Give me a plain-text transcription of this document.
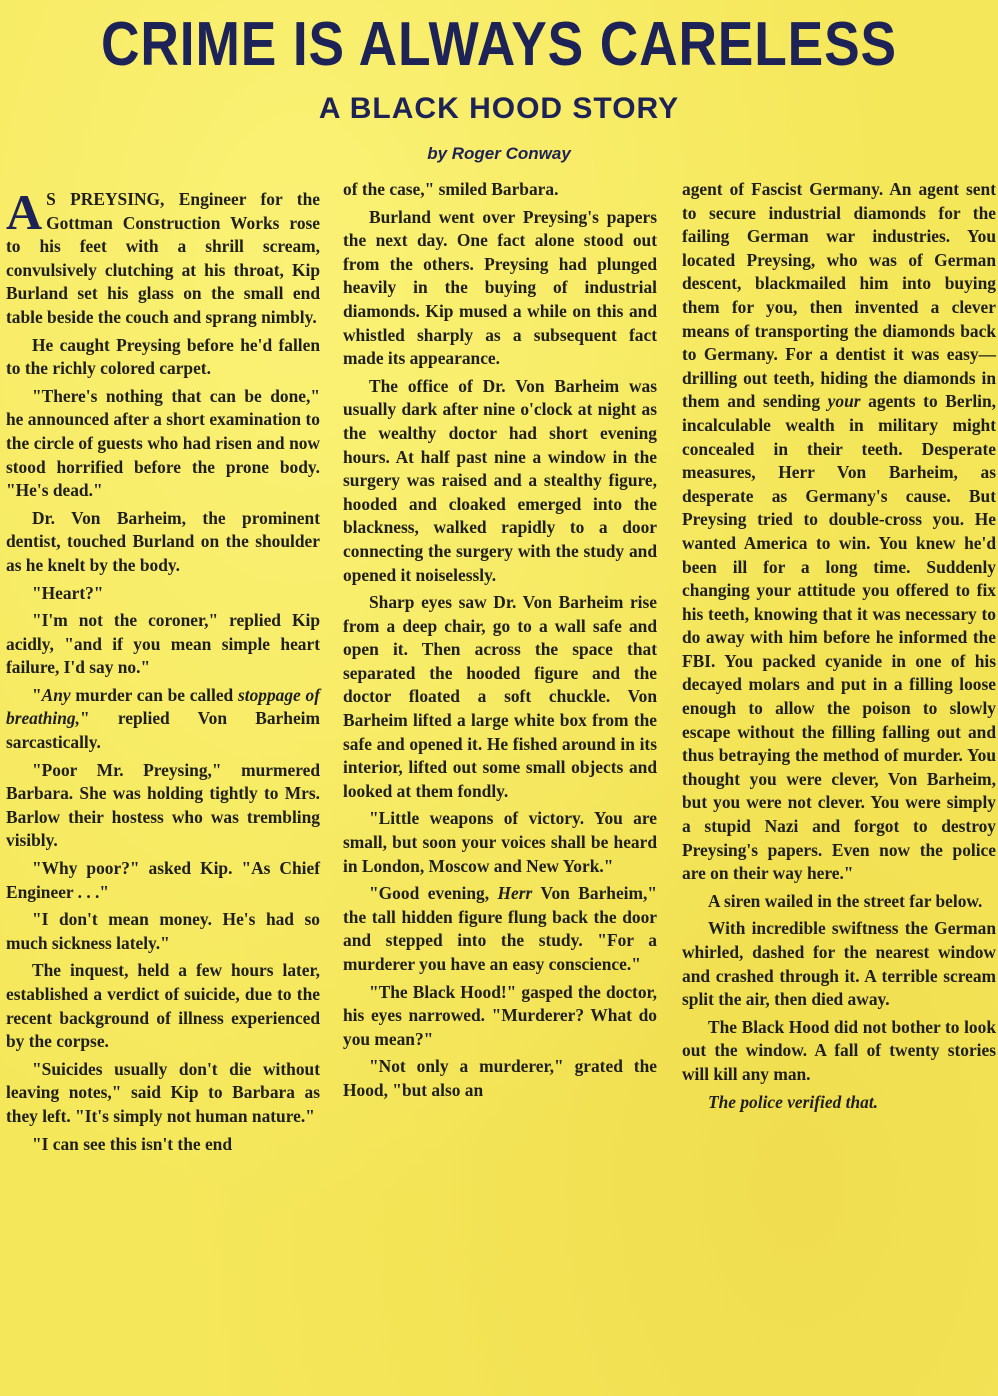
CRIME IS ALWAYS CARELESS
A BLACK HOOD STORY
by Roger Conway

A S PREYSING, Engineer for the Gottman Construction Works rose to his feet with a shrill scream, convulsively clutching at his throat, Kip Burland set his glass on the small end table beside the couch and sprang nimbly.

He caught Preysing before he'd fallen to the richly colored carpet.

"There's nothing that can be done," he announced after a short examination to the circle of guests who had risen and now stood horrified before the prone body. "He's dead."

Dr. Von Barheim, the prominent dentist, touched Burland on the shoulder as he knelt by the body.

"Heart?"

"I'm not the coroner," replied Kip acidly, "and if you mean simple heart failure, I'd say no."

"Any murder can be called stoppage of breathing," replied Von Barheim sarcastically.

"Poor Mr. Preysing," murmered Barbara. She was holding tightly to Mrs. Barlow their hostess who was trembling visibly.

"Why poor?" asked Kip. "As Chief Engineer . . ."

"I don't mean money. He's had so much sickness lately."

The inquest, held a few hours later, established a verdict of suicide, due to the recent background of illness experienced by the corpse.

"Suicides usually don't die without leaving notes," said Kip to Barbara as they left. "It's simply not human nature."

"I can see this isn't the end

of the case," smiled Barbara.

Burland went over Preysing's papers the next day. One fact alone stood out from the others. Preysing had plunged heavily in the buying of industrial diamonds. Kip mused a while on this and whistled sharply as a subsequent fact made its appearance.

The office of Dr. Von Barheim was usually dark after nine o'clock at night as the wealthy doctor had short evening hours. At half past nine a window in the surgery was raised and a stealthy figure, hooded and cloaked emerged into the blackness, walked rapidly to a door connecting the surgery with the study and opened it noiselessly.

Sharp eyes saw Dr. Von Barheim rise from a deep chair, go to a wall safe and open it. Then across the space that separated the hooded figure and the doctor floated a soft chuckle. Von Barheim lifted a large white box from the safe and opened it. He fished around in its interior, lifted out some small objects and looked at them fondly.

"Little weapons of victory. You are small, but soon your voices shall be heard in London, Moscow and New York."

"Good evening, Herr Von Barheim," the tall hidden figure flung back the door and stepped into the study. "For a murderer you have an easy conscience."

"The Black Hood!" gasped the doctor, his eyes narrowed. "Murderer? What do you mean?"

"Not only a murderer," grated the Hood, "but also an

agent of Fascist Germany. An agent sent to secure industrial diamonds for the failing German war industries. You located Preysing, who was of German descent, blackmailed him into buying them for you, then invented a clever means of transporting the diamonds back to Germany. For a dentist it was easy—drilling out teeth, hiding the diamonds in them and sending your agents to Berlin, incalculable wealth in military might concealed in their teeth. Desperate measures, Herr Von Barheim, as desperate as Germany's cause. But Preysing tried to double-cross you. He wanted America to win. You knew he'd been ill for a long time. Suddenly changing your attitude you offered to fix his teeth, knowing that it was necessary to do away with him before he informed the FBI. You packed cyanide in one of his decayed molars and put in a filling loose enough to allow the poison to slowly escape without the filling falling out and thus betraying the method of murder. You thought you were clever, Von Barheim, but you were not clever. You were simply a stupid Nazi and forgot to destroy Preysing's papers. Even now the police are on their way here."

A siren wailed in the street far below.

With incredible swiftness the German whirled, dashed for the nearest window and crashed through it. A terrible scream split the air, then died away.

The Black Hood did not bother to look out the window. A fall of twenty stories will kill any man.

The police verified that.
